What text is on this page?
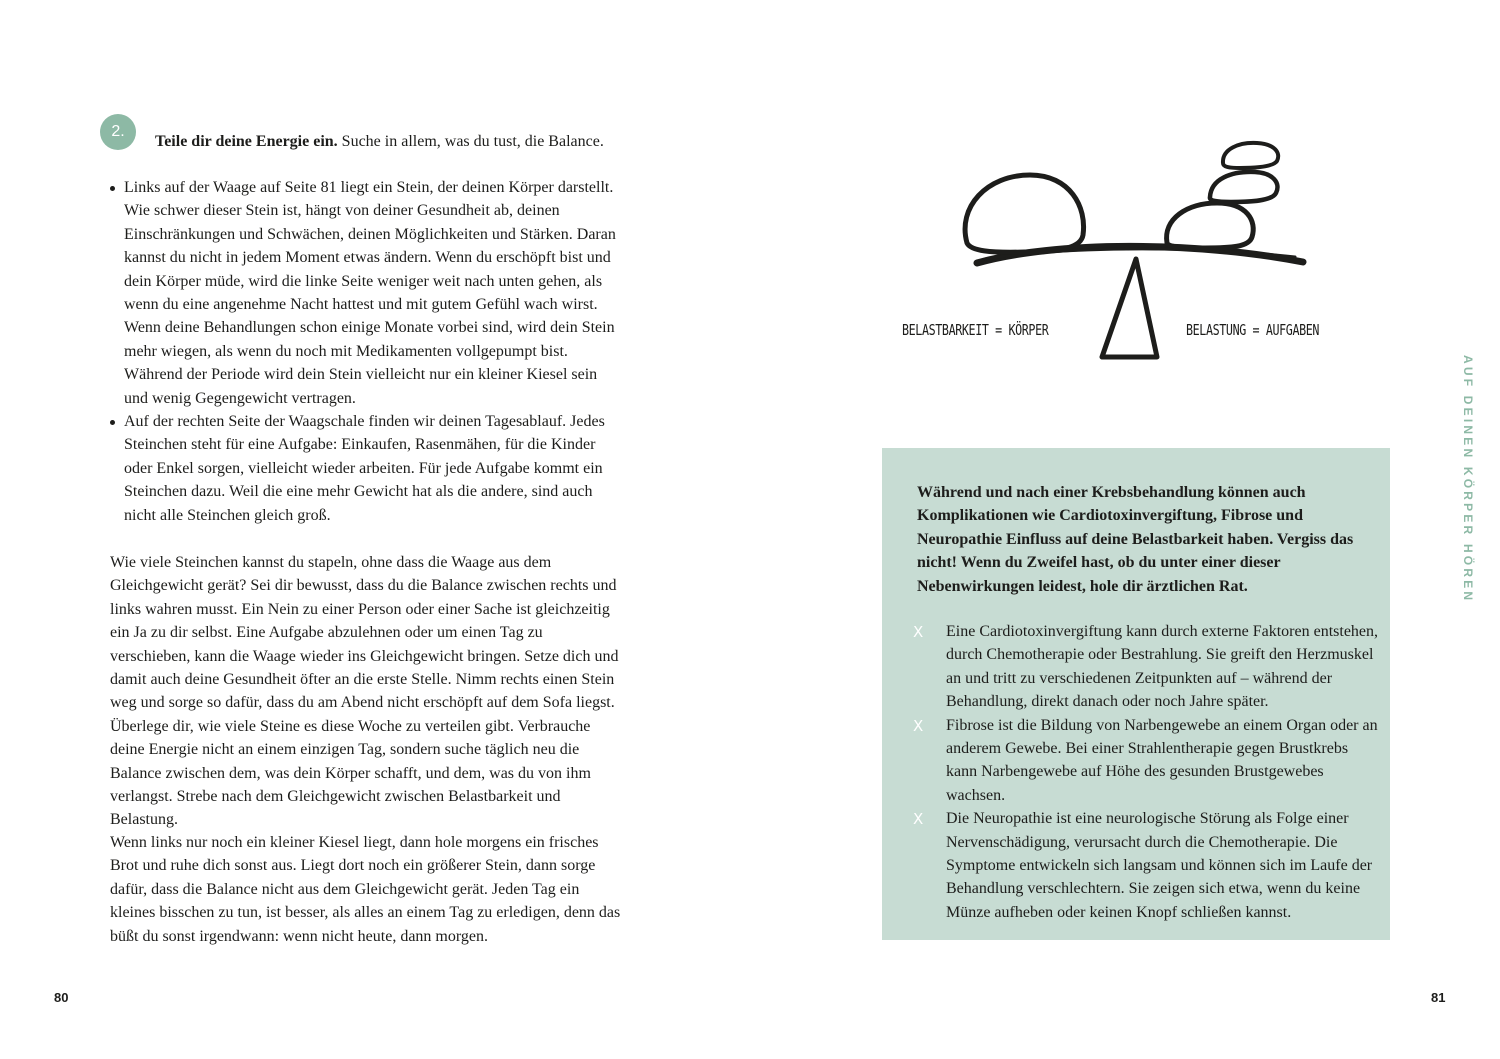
2.

Teile dir deine Energie ein. Suche in allem, was du tust, die Balance.

Links auf der Waage auf Seite 81 liegt ein Stein, der deinen Körper darstellt. Wie schwer dieser Stein ist, hängt von deiner Gesundheit ab, deinen Einschränkungen und Schwächen, deinen Möglichkeiten und Stärken. Daran kannst du nicht in jedem Moment etwas ändern. Wenn du erschöpft bist und dein Körper müde, wird die linke Seite weniger weit nach unten gehen, als wenn du eine angenehme Nacht hattest und mit gutem Gefühl wach wirst. Wenn deine Behandlungen schon einige Monate vorbei sind, wird dein Stein mehr wiegen, als wenn du noch mit Medikamenten vollgepumpt bist. Während der Periode wird dein Stein vielleicht nur ein kleiner Kiesel sein und wenig Gegengewicht vertragen.
Auf der rechten Seite der Waagschale finden wir deinen Tagesablauf. Jedes Steinchen steht für eine Aufgabe: Einkaufen, Rasenmähen, für die Kinder oder Enkel sorgen, vielleicht wieder arbeiten. Für jede Aufgabe kommt ein Steinchen dazu. Weil die eine mehr Gewicht hat als die andere, sind auch nicht alle Steinchen gleich groß.

Wie viele Steinchen kannst du stapeln, ohne dass die Waage aus dem Gleichgewicht gerät? Sei dir bewusst, dass du die Balance zwischen rechts und links wahren musst. Ein Nein zu einer Person oder einer Sache ist gleichzeitig ein Ja zu dir selbst. Eine Aufgabe abzulehnen oder um einen Tag zu verschieben, kann die Waage wieder ins Gleichgewicht bringen. Setze dich und damit auch deine Gesundheit öfter an die erste Stelle. Nimm rechts einen Stein weg und sorge so dafür, dass du am Abend nicht erschöpft auf dem Sofa liegst. Überlege dir, wie viele Steine es diese Woche zu verteilen gibt. Verbrauche deine Energie nicht an einem einzigen Tag, sondern suche täglich neu die Balance zwischen dem, was dein Körper schafft, und dem, was du von ihm verlangst. Strebe nach dem Gleichgewicht zwischen Belastbarkeit und Belastung.

Wenn links nur noch ein kleiner Kiesel liegt, dann hole morgens ein frisches Brot und ruhe dich sonst aus. Liegt dort noch ein größerer Stein, dann sorge dafür, dass die Balance nicht aus dem Gleichgewicht gerät. Jeden Tag ein kleines bisschen zu tun, ist besser, als alles an einem Tag zu erledigen, denn das büßt du sonst irgendwann: wenn nicht heute, dann morgen.

80
BELASTBARKEIT = KÖRPER	BELASTUNG = AUFGABEN

Während und nach einer Krebsbehandlung können auch Komplikationen wie Cardiotoxinvergiftung, Fibrose und Neuropathie Einfluss auf deine Belastbarkeit haben. Vergiss das nicht! Wenn du Zweifel hast, ob du unter einer dieser Nebenwirkungen leidest, hole dir ärztlichen Rat.

X Eine Cardiotoxinvergiftung kann durch externe Faktoren entstehen, durch Chemotherapie oder Bestrahlung. Sie greift den Herzmuskel an und tritt zu verschiedenen Zeitpunkten auf – während der Behandlung, direkt danach oder noch Jahre später.
X Fibrose ist die Bildung von Narbengewebe an einem Organ oder an anderem Gewebe. Bei einer Strahlentherapie gegen Brustkrebs kann Narbengewebe auf Höhe des gesunden Brustgewebes wachsen.
X Die Neuropathie ist eine neurologische Störung als Folge einer Nervenschädigung, verursacht durch die Chemotherapie. Die Symptome entwickeln sich langsam und können sich im Laufe der Behandlung verschlechtern. Sie zeigen sich etwa, wenn du keine Münze aufheben oder keinen Knopf schließen kannst.
AUF DEINEN KÖRPER HÖREN
81
